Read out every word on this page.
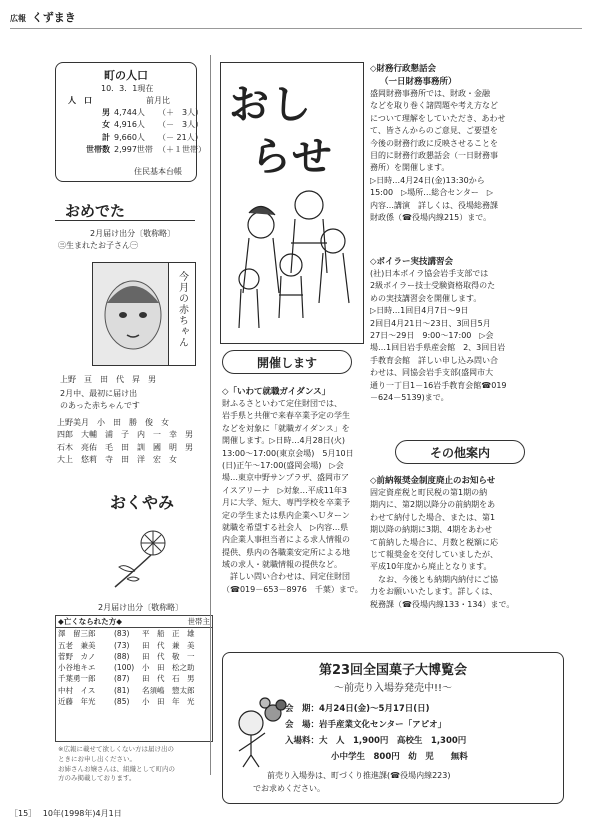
広報 くずまき
町の人口
10．3．1現在
前月比
人　口
男 4,744人	（＋　3人）
女 4,916人	（－　3人）
計 9,660人	（－ 21人）
世帯数 2,997世帯 （＋１世帯）
住民基本台帳
おめでた
2月届け出分〔敬称略〕
㊂生まれたお子さん㊀
今月の赤ちゃん
上野　亘　田　代　昇　男
2月中、最初に届け出
のあった赤ちゃんです
上野美月　小　田　勝　俊　女
四郎　大輔　浦　子　内　一　幸　男
石木　亮佑　毛　田　訓　國　明　男
大上　悠莉　寺　田　洋　宏　女
おくやみ
2月届け出分〔敬称略〕
◆亡くなられた方◆	世帯主
澤　留三郎	(83)	平　船　正　雄
五老　兼美	(73)	田　代　兼　美
菅野　カノ	(88)	田　代　敬　一
小谷地キエ	(100)	小　田　松之助
千葉勇一郎	(87)	田　代　石　男
中村　イス	(81)	名須嶋　惣太郎
近藤　年光	(85)	小　田　年　光
※広報に載せて欲しくない方は届け出の
ときにお申し出ください。
お姉さんお嬢さんは、組織として町内の
方のみ掲載しております。
おし
らせ
開催します
◇「いわて就職ガイダンス」
財ふるさといわて定住財団では、
岩手県と共催で来春卒業予定の学生
などを対象に「就職ガイダンス」を
開催します。▷日時…4月28日(火)
13:00～17:00(東京会場)　5月10日
(日)正午～17:00(盛岡会場)　▷会
場…東京中野サンプラザ、盛岡市ア
イスアリーナ　▷対象…平成11年3
月に大学、短大、専門学校を卒業予
定の学生または県内企業へＵターン
就職を希望する社会人　▷内容…県
内企業人事担当者による求人情報の
提供、県内の各職業安定所による地
域の求人・就職情報の提供など。
　詳しい問い合わせは、同定住財団
（☎019－653－8976　千葉）まで。
◇財務行政懇話会
（一日財務事務所）
盛岡財務事務所では、財政・金融
などを取り巻く諸問題や考え方など
について理解をしていただき、あわせ
て、皆さんからのご意見、ご要望を
今後の財務行政に反映させることを
目的に財務行政懇話会（一日財務事
務所）を開催します。
▷日時…4月24日(金)13:30から
15:00　▷場所…総合センター　▷
内容…講演　詳しくは、役場総務課
財政係（☎役場内線215）まで。
◇ボイラー実技講習会
(社)日本ボイラ協会岩手支部では
2級ボイラー技士受験資格取得のた
めの実技講習会を開催します。
▷日時…1回目4月7日～9日
2回目4月21日～23日、3回目5月
27日～29日　9:00～17:00　▷会
場…1回目岩手県産会館　2、3回目岩
手教育会館　詳しい申し込み問い合
わせは、同協会岩手支部(盛岡市大
通り一丁目1－16岩手教育会館☎019
－624－5139)まで。
その他案内
◇前納報奨金制度廃止のお知らせ
固定資産税と町民税の第1期の納
期内に、第2期以降分の前納期をあ
わせて納付した場合、または、第1
期以降の納期に3期、4期をあわせ
て前納した場合に、月数と税額に応
じて報奨金を交付していましたが、
平成10年度から廃止となります。
　なお、今後とも納期内納付にご協
力をお願いいたします。詳しくは、
税務課（☎役場内線133・134）まで。
第23回全国菓子大博覧会
～前売り入場券発売中!!～
会　期：4月24日(金)～5月17日(日)
会　場：岩手産業文化センター「アピオ」
入場料：大　人　1,900円　高校生　1,300円
小中学生　800円　幼　児　　無料
前売り入場券は、町づくり推進課(☎役場内線223)
でお求めください。
［15］ 10年(1998年)4月1日
